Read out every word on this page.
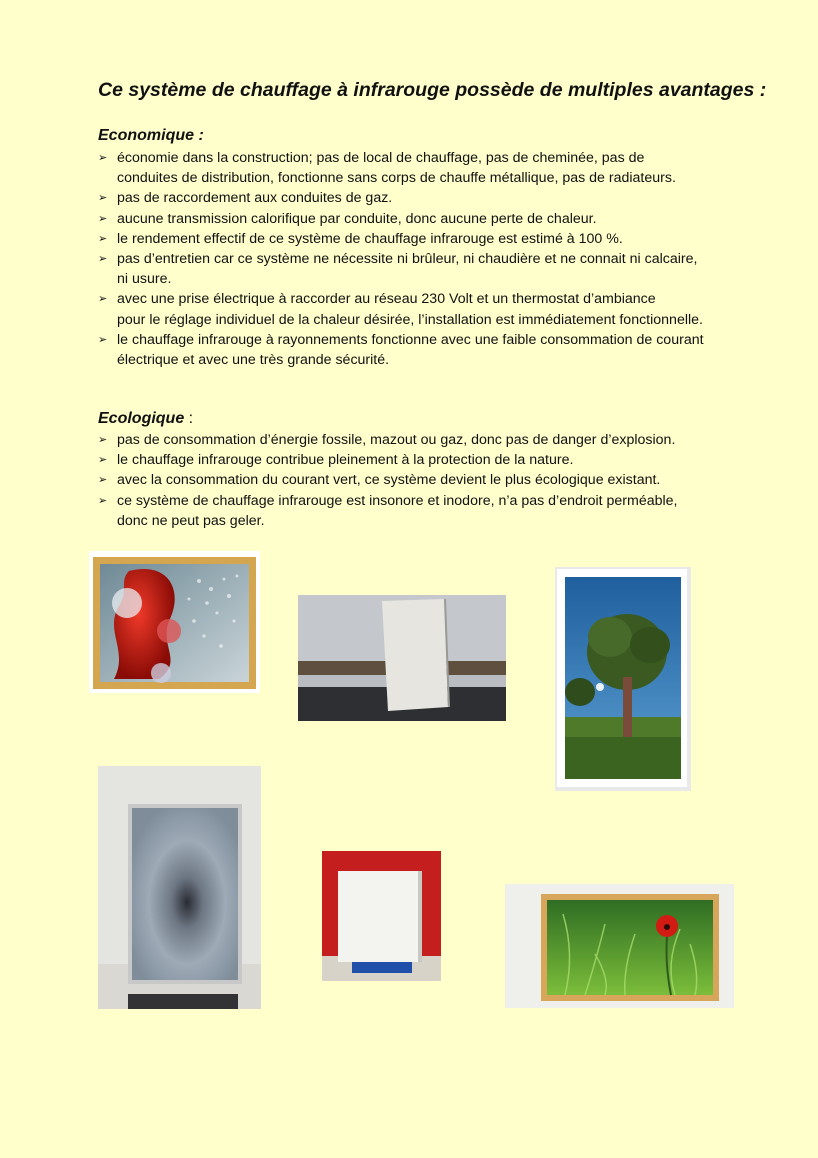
Ce système de chauffage à infrarouge possède de multiples avantages :
Economique :
➢ économie dans la construction; pas de local de chauffage, pas de cheminée, pas de
conduites de distribution, fonctionne sans corps de chauffe métallique, pas de radiateurs.
➢ pas de raccordement aux conduites de gaz.
➢ aucune transmission calorifique par conduite, donc aucune perte de chaleur.
➢ le rendement effectif de ce système de chauffage infrarouge est estimé à 100 %.
➢ pas d’entretien car ce système ne nécessite ni brûleur, ni chaudière et ne connait ni calcaire,
ni usure.
➢ avec une prise électrique à raccorder au réseau 230 Volt et un thermostat d’ambiance
pour le réglage individuel de la chaleur désirée, l’installation est immédiatement fonctionnelle.
➢ le chauffage infrarouge à rayonnements fonctionne avec une faible consommation de courant
électrique et avec une très grande sécurité.
Ecologique :
➢ pas de consommation d’énergie fossile, mazout ou gaz, donc pas de danger d’explosion.
➢ le chauffage infrarouge contribue pleinement à la protection de la nature.
➢ avec la consommation du courant vert, ce système devient le plus écologique existant.
➢ ce système de chauffage infrarouge est insonore et inodore, n’a pas d’endroit perméable,
donc ne peut pas geler.
